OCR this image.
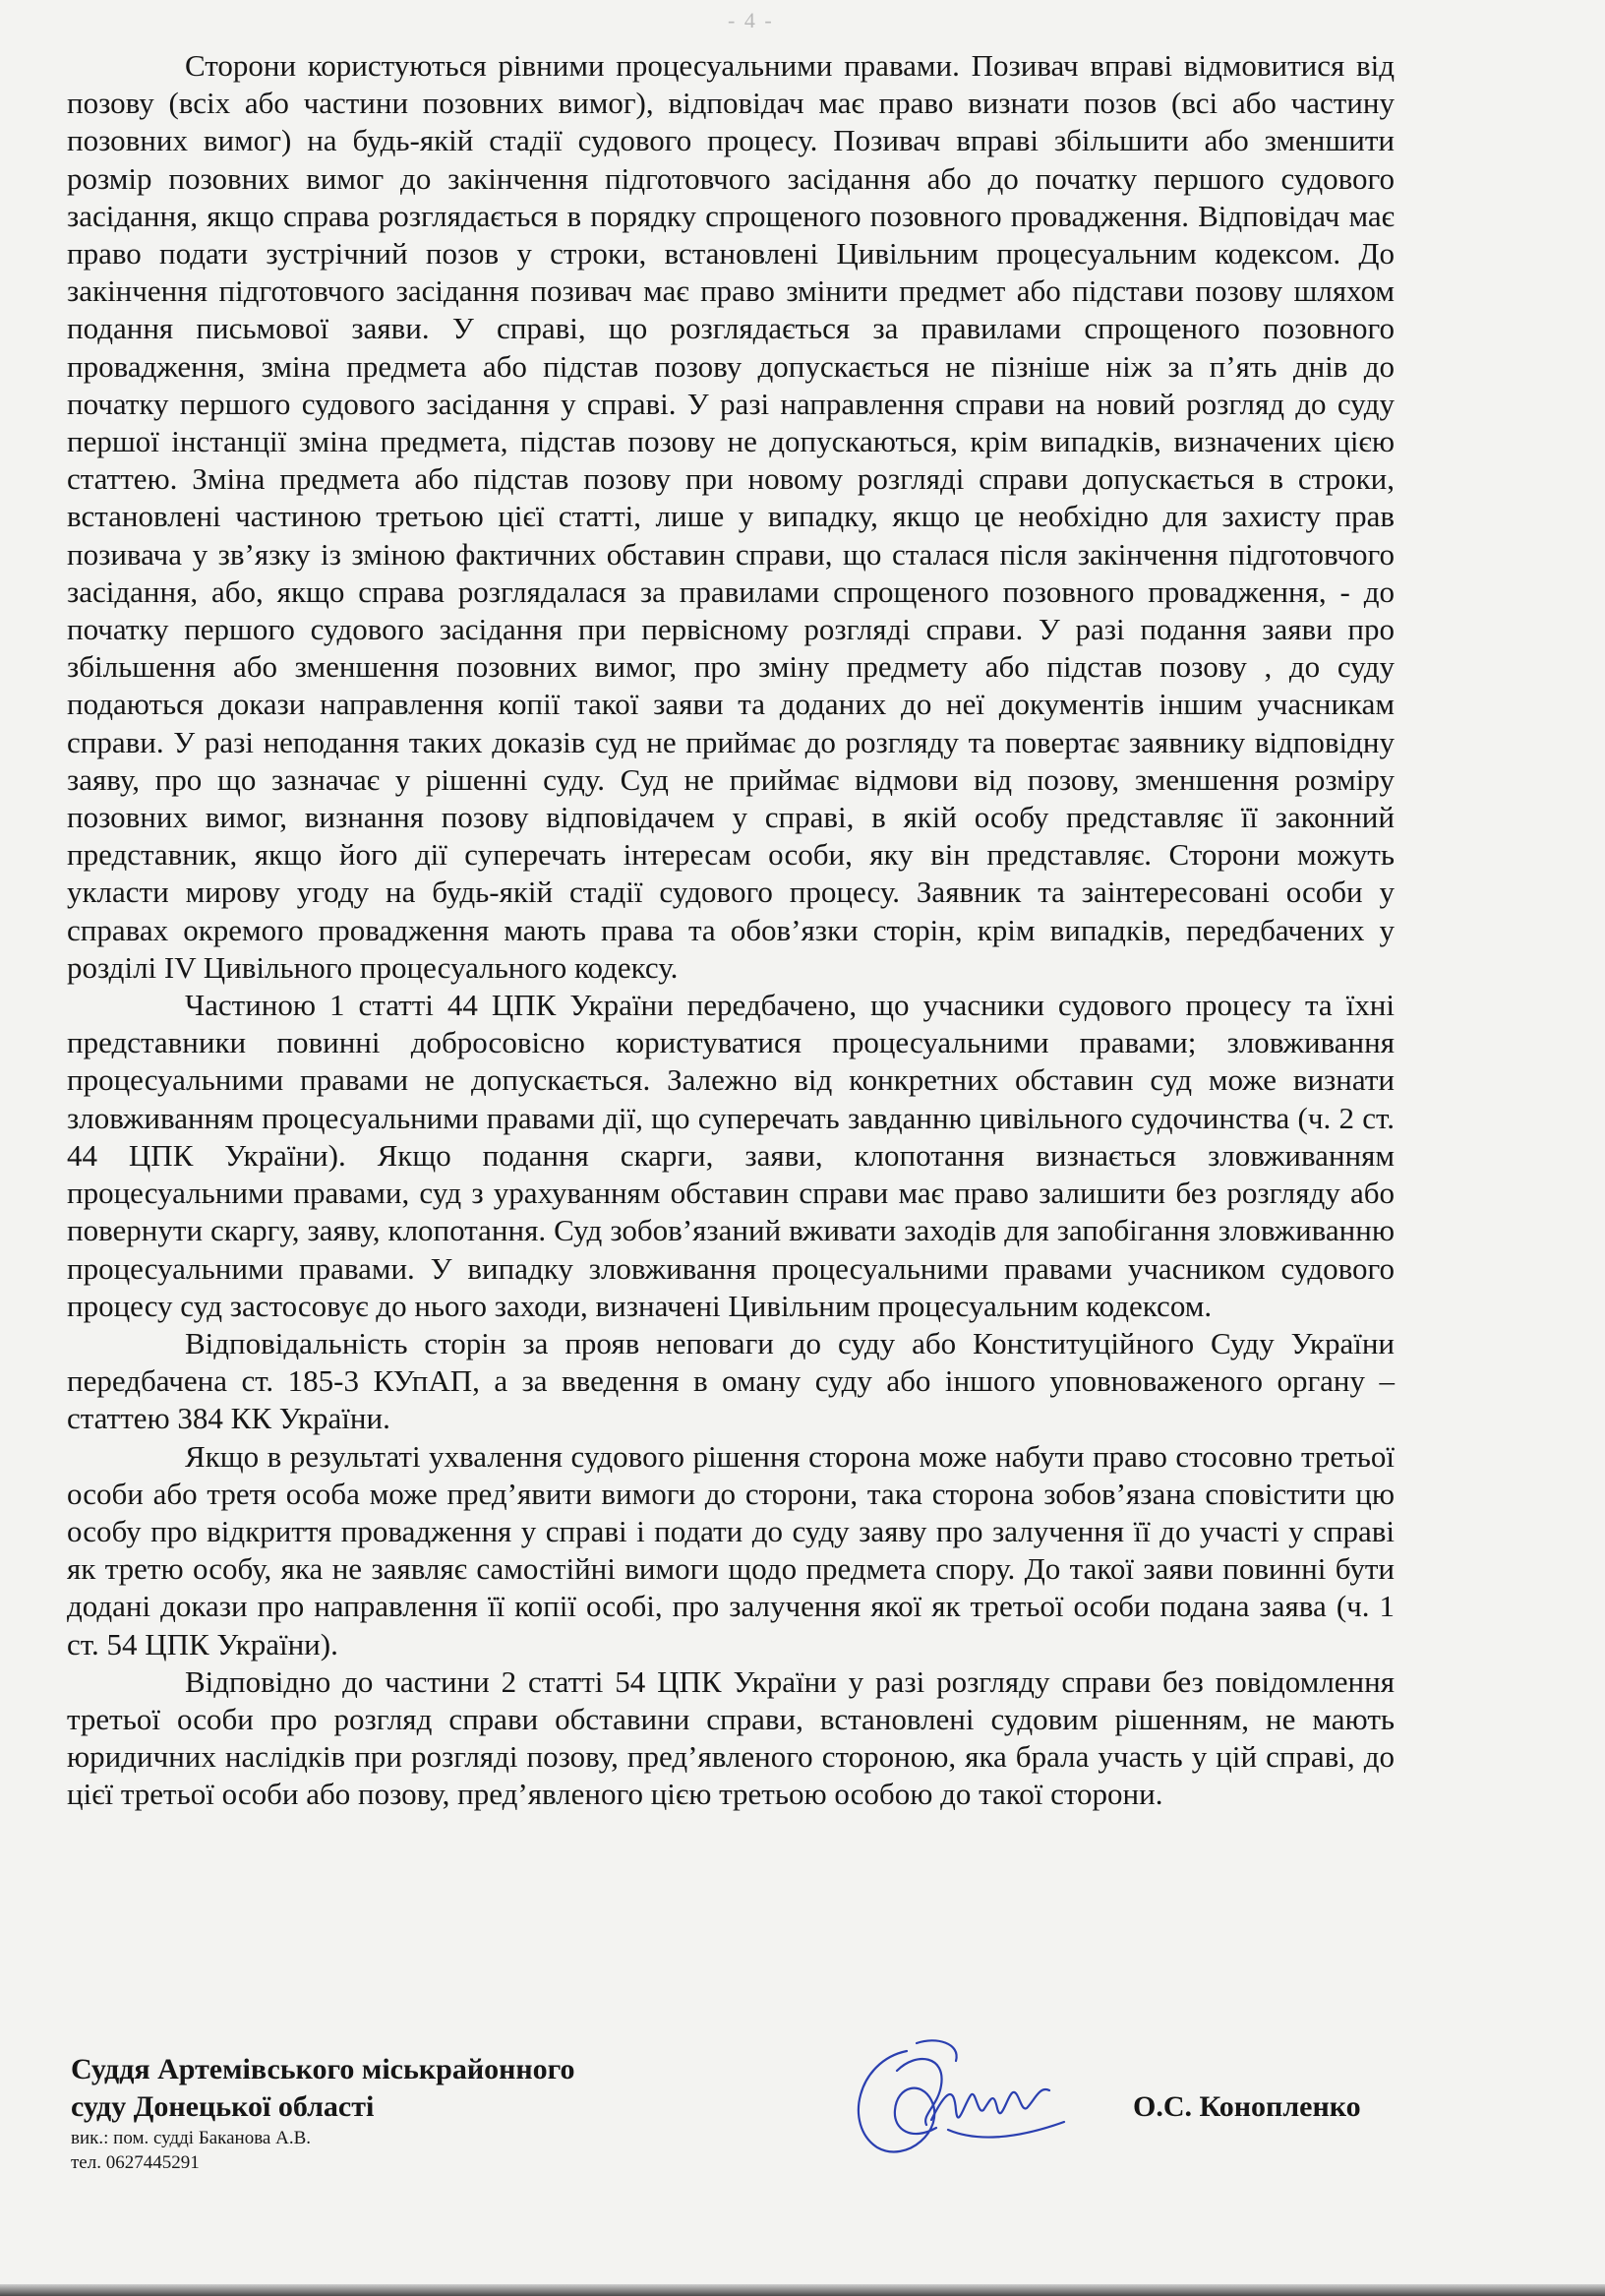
- 4 -

Сторони користуються рівними процесуальними правами. Позивач вправі відмовитися від позову (всіх або частини позовних вимог), відповідач має право визнати позов (всі або частину позовних вимог) на будь-якій стадії судового процесу. Позивач вправі збільшити або зменшити розмір позовних вимог до закінчення підготовчого засідання або до початку першого судового засідання, якщо справа розглядається в порядку спрощеного позовного провадження. Відповідач має право подати зустрічний позов у строки, встановлені Цивільним процесуальним кодексом. До закінчення підготовчого засідання позивач має право змінити предмет або підстави позову шляхом подання письмової заяви. У справі, що розглядається за правилами спрощеного позовного провадження, зміна предмета або підстав позову допускається не пізніше ніж за п’ять днів до початку першого судового засідання у справі. У разі направлення справи на новий розгляд до суду першої інстанції зміна предмета, підстав позову не допускаються, крім випадків, визначених цією статтею. Зміна предмета або підстав позову при новому розгляді справи допускається в строки, встановлені частиною третьою цієї статті, лише у випадку, якщо це необхідно для захисту прав позивача у зв’язку із зміною фактичних обставин справи, що сталася після закінчення підготовчого засідання, або, якщо справа розглядалася за правилами спрощеного позовного провадження, - до початку першого судового засідання при первісному розгляді справи. У разі подання заяви про збільшення або зменшення позовних вимог, про зміну предмету або підстав позову , до суду подаються докази направлення копії такої заяви та доданих до неї документів іншим учасникам справи. У разі неподання таких доказів суд не приймає до розгляду та повертає заявнику відповідну заяву, про що зазначає у рішенні суду. Суд не приймає відмови від позову, зменшення розміру позовних вимог, визнання позову відповідачем у справі, в якій особу представляє її законний представник, якщо його дії суперечать інтересам особи, яку він представляє. Сторони можуть укласти мирову угоду на будь-якій стадії судового процесу. Заявник та заінтересовані особи у справах окремого провадження мають права та обов’язки сторін, крім випадків, передбачених у розділі IV Цивільного процесуального кодексу.

Частиною 1 статті 44 ЦПК України передбачено, що учасники судового процесу та їхні представники повинні добросовісно користуватися процесуальними правами; зловживання процесуальними правами не допускається. Залежно від конкретних обставин суд може визнати зловживанням процесуальними правами дії, що суперечать завданню цивільного судочинства (ч. 2 ст. 44 ЦПК України). Якщо подання скарги, заяви, клопотання визнається зловживанням процесуальними правами, суд з урахуванням обставин справи має право залишити без розгляду або повернути скаргу, заяву, клопотання. Суд зобов’язаний вживати заходів для запобігання зловживанню процесуальними правами. У випадку зловживання процесуальними правами учасником судового процесу суд застосовує до нього заходи, визначені Цивільним процесуальним кодексом.

Відповідальність сторін за прояв неповаги до суду або Конституційного Суду України передбачена ст. 185-3 КУпАП, а за введення в оману суду або іншого уповноваженого органу – статтею 384 КК України.

Якщо в результаті ухвалення судового рішення сторона може набути право стосовно третьої особи або третя особа може пред’явити вимоги до сторони, така сторона зобов’язана сповістити цю особу про відкриття провадження у справі і подати до суду заяву про залучення її до участі у справі як третю особу, яка не заявляє самостійні вимоги щодо предмета спору. До такої заяви повинні бути додані докази про направлення її копії особі, про залучення якої як третьої особи подана заява (ч. 1 ст. 54 ЦПК України).

Відповідно до частини 2 статті 54 ЦПК України у разі розгляду справи без повідомлення третьої особи про розгляд справи обставини справи, встановлені судовим рішенням, не мають юридичних наслідків при розгляді позову, пред’явленого стороною, яка брала участь у цій справі, до цієї третьої особи або позову, пред’явленого цією третьою особою до такої сторони.

Суддя Артемівського міськрайонного
суду Донецької області
вик.: пом. судді Баканова А.В.
тел. 0627445291
О.С. Конопленко
